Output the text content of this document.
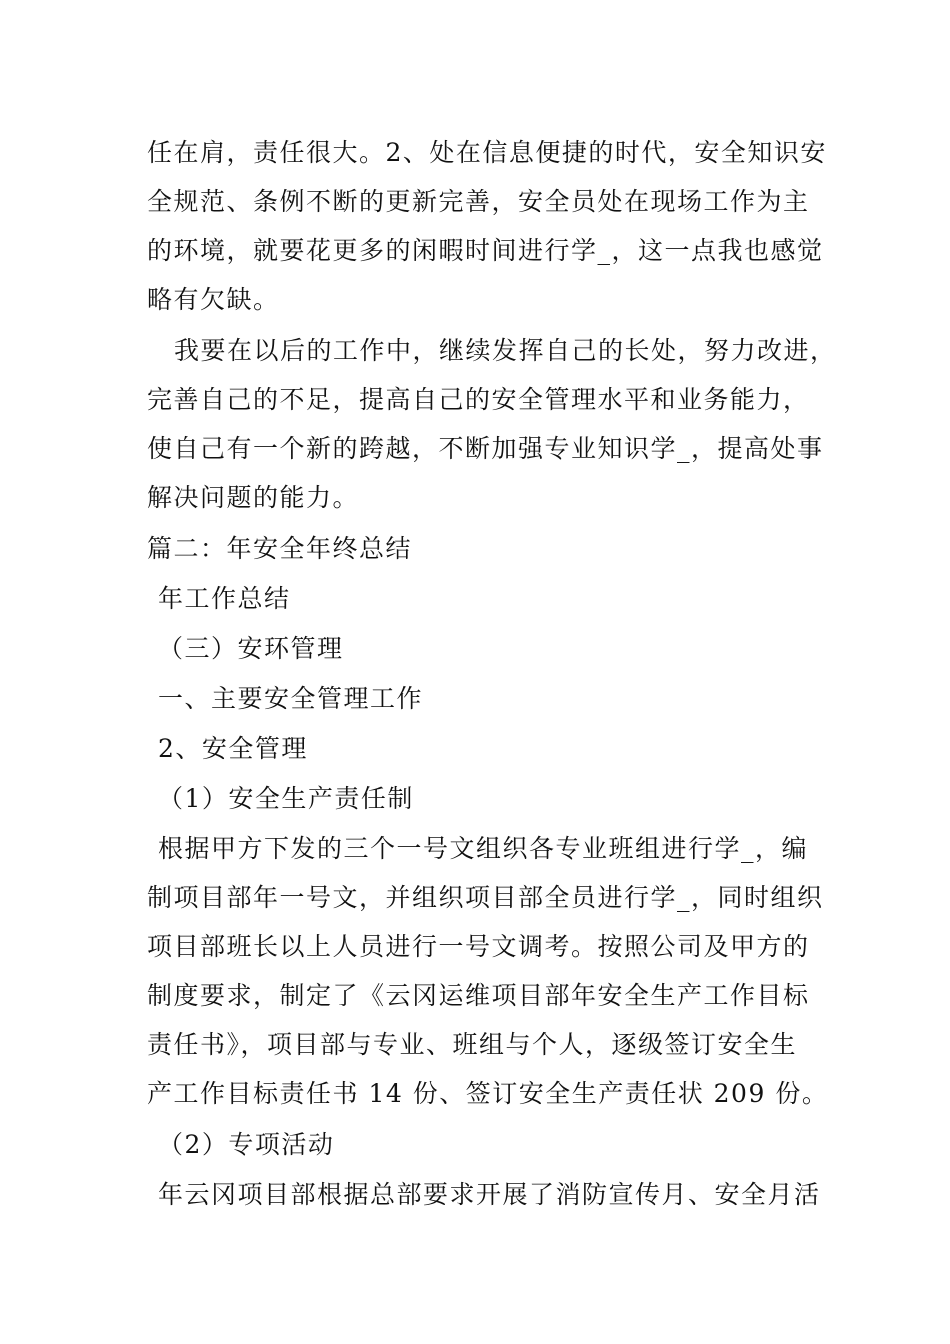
任在肩，责任很大。2、处在信息便捷的时代，安全知识安
全规范、条例不断的更新完善，安全员处在现场工作为主
的环境，就要花更多的闲暇时间进行学_，这一点我也感觉
略有欠缺。
我要在以后的工作中，继续发挥自己的长处，努力改进，
完善自己的不足，提高自己的安全管理水平和业务能力，
使自己有一个新的跨越，不断加强专业知识学_，提高处事
解决问题的能力。
篇二：年安全年终总结
年工作总结
（三）安环管理
一、主要安全管理工作
2、安全管理
（1）安全生产责任制
根据甲方下发的三个一号文组织各专业班组进行学_，编
制项目部年一号文，并组织项目部全员进行学_，同时组织
项目部班长以上人员进行一号文调考。按照公司及甲方的
制度要求，制定了《云冈运维项目部年安全生产工作目标
责任书》，项目部与专业、班组与个人，逐级签订安全生
产工作目标责任书 14 份、签订安全生产责任状 209 份。
（2）专项活动
年云冈项目部根据总部要求开展了消防宣传月、安全月活
